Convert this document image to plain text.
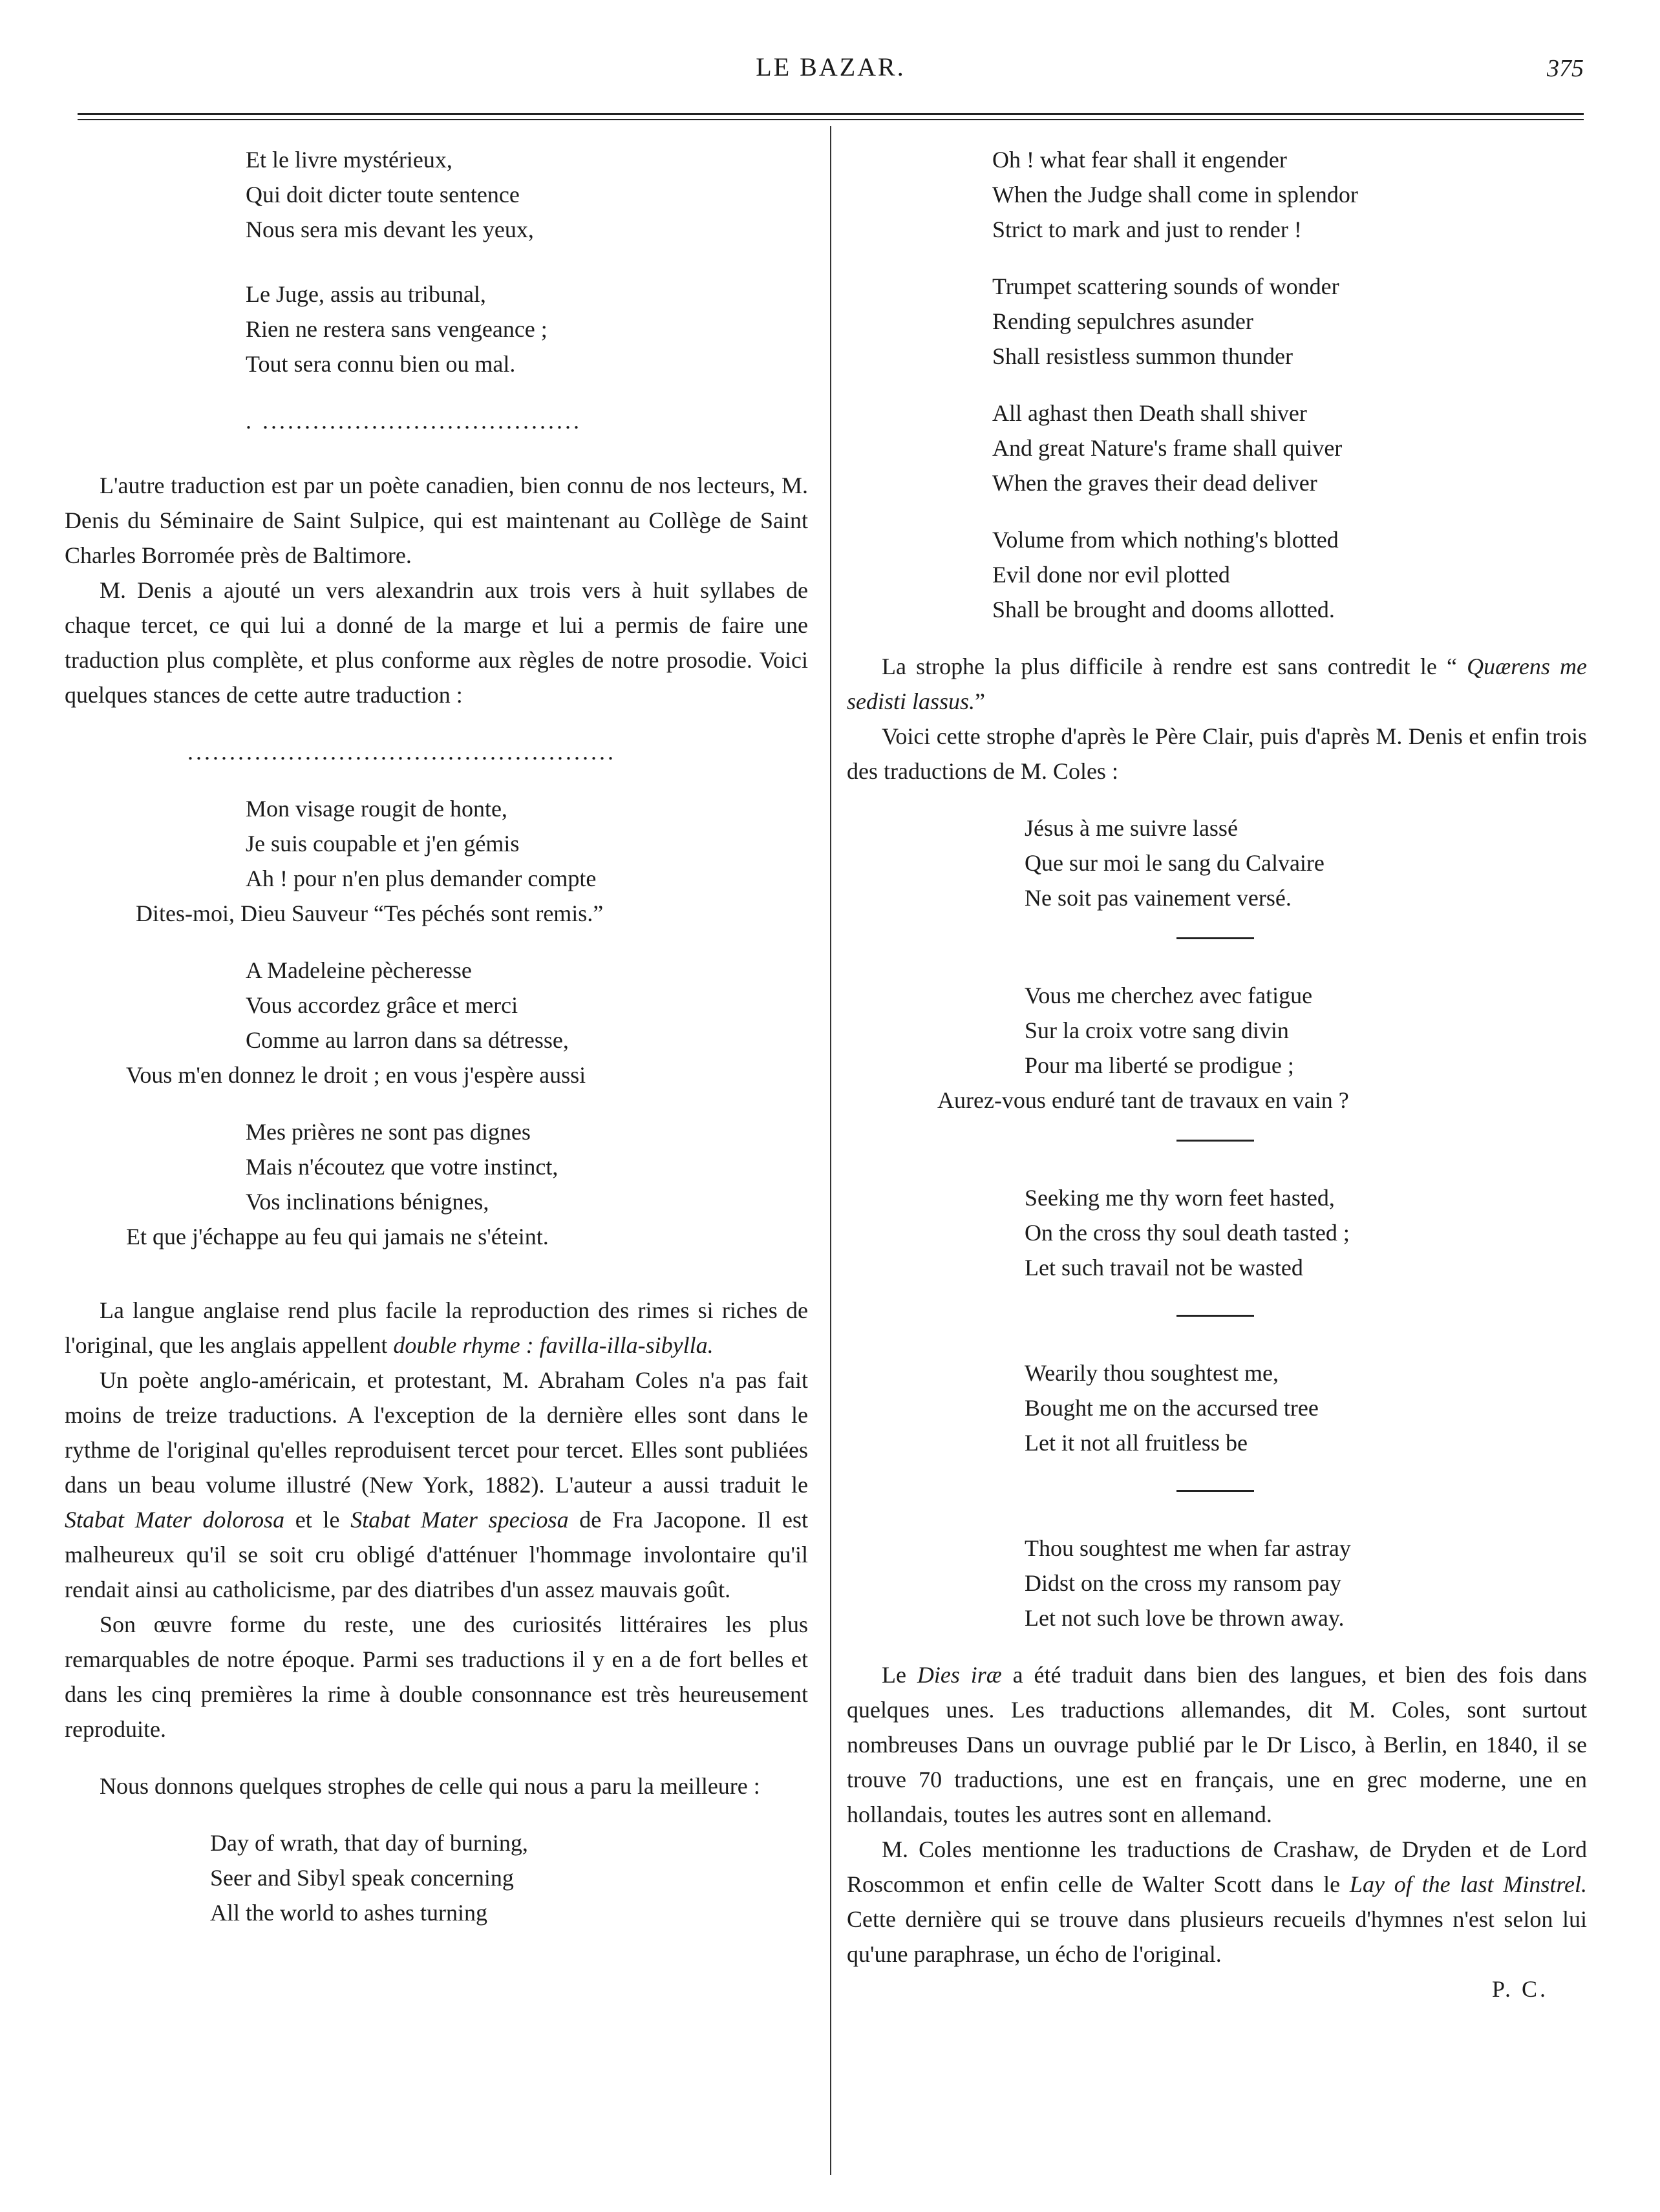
LE BAZAR.	375
Et le livre mystérieux,
Qui doit dicter toute sentence
Nous sera mis devant les yeux,
Le Juge, assis au tribunal,
Rien ne restera sans vengeance ;
Tout sera connu bien ou mal.
. ......................................

L'autre traduction est par un poète canadien, bien connu de nos lecteurs, M. Denis du Séminaire de Saint Sulpice, qui est maintenant au Collège de Saint Charles Borromée près de Baltimore.

M. Denis a ajouté un vers alexandrin aux trois vers à huit syllabes de chaque tercet, ce qui lui a donné de la marge et lui a permis de faire une traduction plus complète, et plus conforme aux règles de notre prosodie. Voici quelques stances de cette autre traduction :

...................................................
Mon visage rougit de honte,
Je suis coupable et j'en gémis
Ah ! pour n'en plus demander compte
Dites-moi, Dieu Sauveur “Tes péchés sont remis.”
A Madeleine pècheresse
Vous accordez grâce et merci
Comme au larron dans sa détresse,
Vous m'en donnez le droit ; en vous j'espère aussi
Mes prières ne sont pas dignes
Mais n'écoutez que votre instinct,
Vos inclinations bénignes,
Et que j'échappe au feu qui jamais ne s'éteint.

La langue anglaise rend plus facile la reproduction des rimes si riches de l'original, que les anglais appellent double rhyme : favilla-illa-sibylla.

Un poète anglo-américain, et protestant, M. Abraham Coles n'a pas fait moins de treize traductions. A l'exception de la dernière elles sont dans le rythme de l'original qu'elles reproduisent tercet pour tercet. Elles sont publiées dans un beau volume illustré (New York, 1882). L'auteur a aussi traduit le Stabat Mater dolorosa et le Stabat Mater speciosa de Fra Jacopone. Il est malheureux qu'il se soit cru obligé d'atténuer l'hommage involontaire qu'il rendait ainsi au catholicisme, par des diatribes d'un assez mauvais goût.

Son œuvre forme du reste, une des curiosités littéraires les plus remarquables de notre époque. Parmi ses traductions il y en a de fort belles et dans les cinq premières la rime à double consonnance est très heureusement reproduite.

Nous donnons quelques strophes de celle qui nous a paru la meilleure :

Day of wrath, that day of burning,
Seer and Sibyl speak concerning
All the world to ashes turning
Oh ! what fear shall it engender
When the Judge shall come in splendor
Strict to mark and just to render !
Trumpet scattering sounds of wonder
Rending sepulchres asunder
Shall resistless summon thunder
All aghast then Death shall shiver
And great Nature's frame shall quiver
When the graves their dead deliver
Volume from which nothing's blotted
Evil done nor evil plotted
Shall be brought and dooms allotted.

La strophe la plus difficile à rendre est sans contredit le “ Quærens me sedisti lassus.”

Voici cette strophe d'après le Père Clair, puis d'après M. Denis et enfin trois des traductions de M. Coles :

Jésus à me suivre lassé
Que sur moi le sang du Calvaire
Ne soit pas vainement versé.
Vous me cherchez avec fatigue
Sur la croix votre sang divin
Pour ma liberté se prodigue ;
Aurez-vous enduré tant de travaux en vain ?
Seeking me thy worn feet hasted,
On the cross thy soul death tasted ;
Let such travail not be wasted
Wearily thou soughtest me,
Bought me on the accursed tree
Let it not all fruitless be
Thou soughtest me when far astray
Didst on the cross my ransom pay
Let not such love be thrown away.

Le Dies iræ a été traduit dans bien des langues, et bien des fois dans quelques unes. Les traductions allemandes, dit M. Coles, sont surtout nombreuses Dans un ouvrage publié par le Dr Lisco, à Berlin, en 1840, il se trouve 70 traductions, une est en français, une en grec moderne, une en hollandais, toutes les autres sont en allemand.

M. Coles mentionne les traductions de Crashaw, de Dryden et de Lord Roscommon et enfin celle de Walter Scott dans le Lay of the last Minstrel. Cette dernière qui se trouve dans plusieurs recueils d'hymnes n'est selon lui qu'une paraphrase, un écho de l'original.

P. C.
